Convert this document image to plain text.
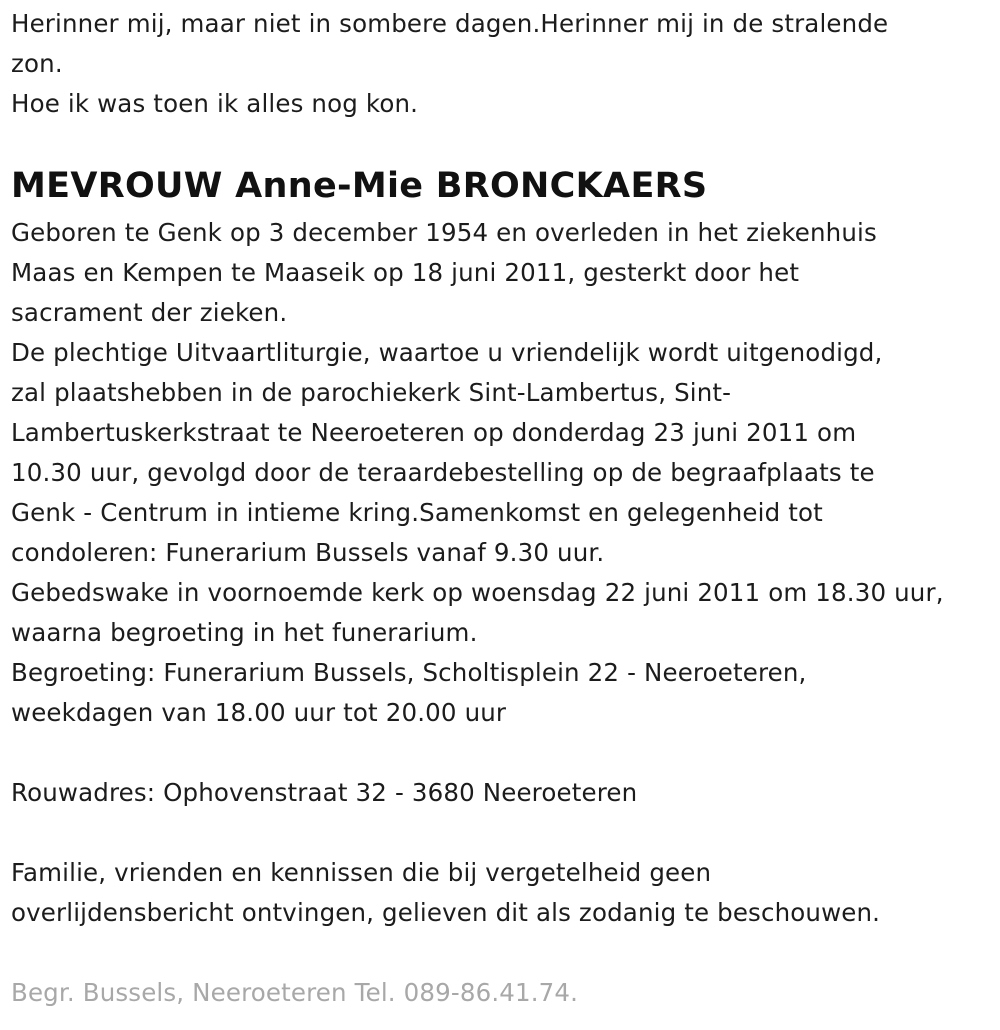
Herinner mij, maar niet in sombere dagen.Herinner mij in de stralende
zon.
Hoe ik was toen ik alles nog kon.
MEVROUW Anne-Mie BRONCKAERS
Geboren te Genk op 3 december 1954 en overleden in het ziekenhuis
Maas en Kempen te Maaseik op 18 juni 2011, gesterkt door het
sacrament der zieken.
De plechtige Uitvaartliturgie, waartoe u vriendelijk wordt uitgenodigd,
zal plaatshebben in de parochiekerk Sint-Lambertus, Sint-
Lambertuskerkstraat te Neeroeteren op donderdag 23 juni 2011 om
10.30 uur, gevolgd door de teraardebestelling op de begraafplaats te
Genk - Centrum in intieme kring.Samenkomst en gelegenheid tot
condoleren: Funerarium Bussels vanaf 9.30 uur.
Gebedswake in voornoemde kerk op woensdag 22 juni 2011 om 18.30 uur,
waarna begroeting in het funerarium.
Begroeting: Funerarium Bussels, Scholtisplein 22 - Neeroeteren,
weekdagen van 18.00 uur tot 20.00 uur

Rouwadres: Ophovenstraat 32 - 3680 Neeroeteren

Familie, vrienden en kennissen die bij vergetelheid geen
overlijdensbericht ontvingen, gelieven dit als zodanig te beschouwen.

Begr. Bussels, Neeroeteren Tel. 089-86.41.74.
